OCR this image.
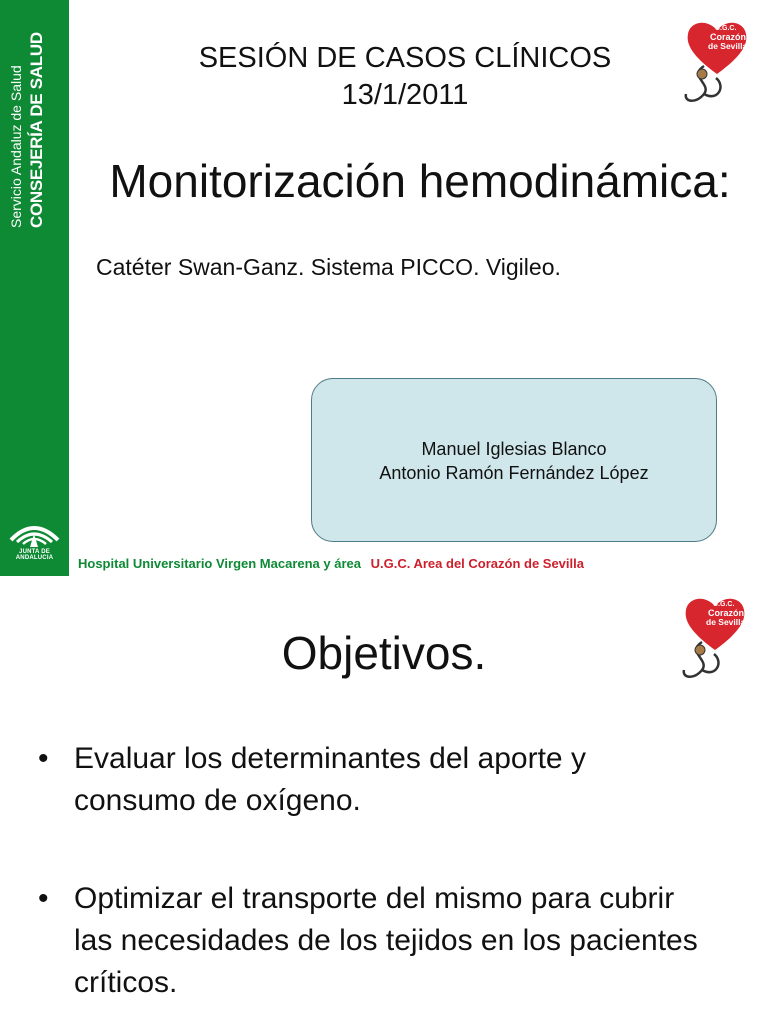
Servicio Andaluz de Salud CONSEJERÍA DE SALUD
JUNTA DE ANDALUCIA
U.G.C.
Corazón
de Sevilla
SESIÓN DE CASOS CLÍNICOS
13/1/2011
Monitorización hemodinámica:
Catéter Swan-Ganz. Sistema PICCO. Vigileo.
Manuel Iglesias Blanco
Antonio Ramón Fernández López
Hospital Universitario Virgen Macarena y área U.G.C. Area del Corazón de Sevilla
U.G.C.
Corazón
de Sevilla
Objetivos.
• Evaluar los determinantes del aporte y consumo de oxígeno.
• Optimizar el transporte del mismo para cubrir las necesidades de los tejidos en los pacientes críticos.
